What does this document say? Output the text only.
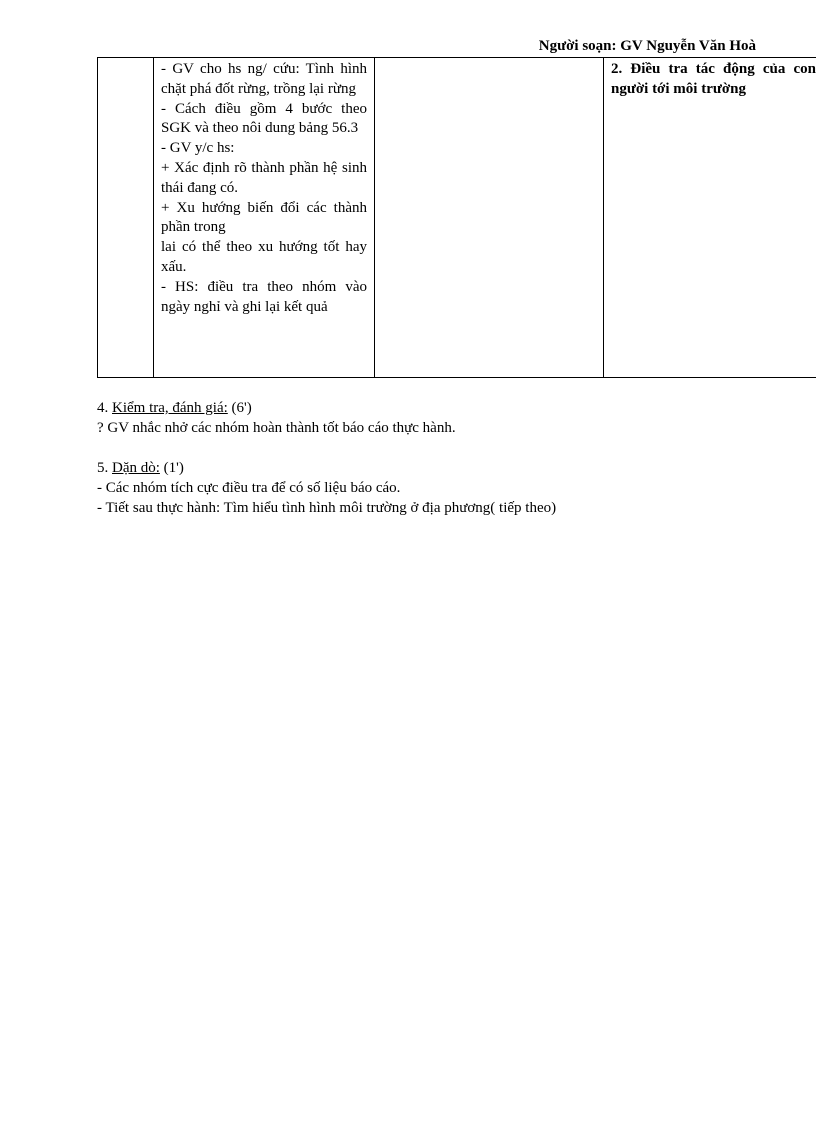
Người soạn: GV Nguyễn Văn Hoà

- GV cho hs ng/ cứu: Tình hình chặt phá đốt rừng, trồng lại rừng

- Cách điều gồm 4 bước theo SGK và theo nôi dung bảng 56.3

- GV y/c hs:

+ Xác định rõ thành phần hệ sinh thái đang có.

+ Xu hướng biến đổi các thành phần trong

lai có thể theo xu hướng tốt hay xấu.

- HS: điều tra theo nhóm vào ngày nghỉ và ghi lại kết quả

2. Điều tra tác động của con người tới môi trường

4. Kiểm tra, đánh giá: (6')

? GV nhắc nhở các nhóm hoàn thành tốt báo cáo thực hành.

5. Dặn dò: (1')

- Các nhóm tích cực điều tra để có số liệu báo cáo.

- Tiết sau thực hành: Tìm hiểu tình hình môi trường ở địa phương( tiếp theo)
